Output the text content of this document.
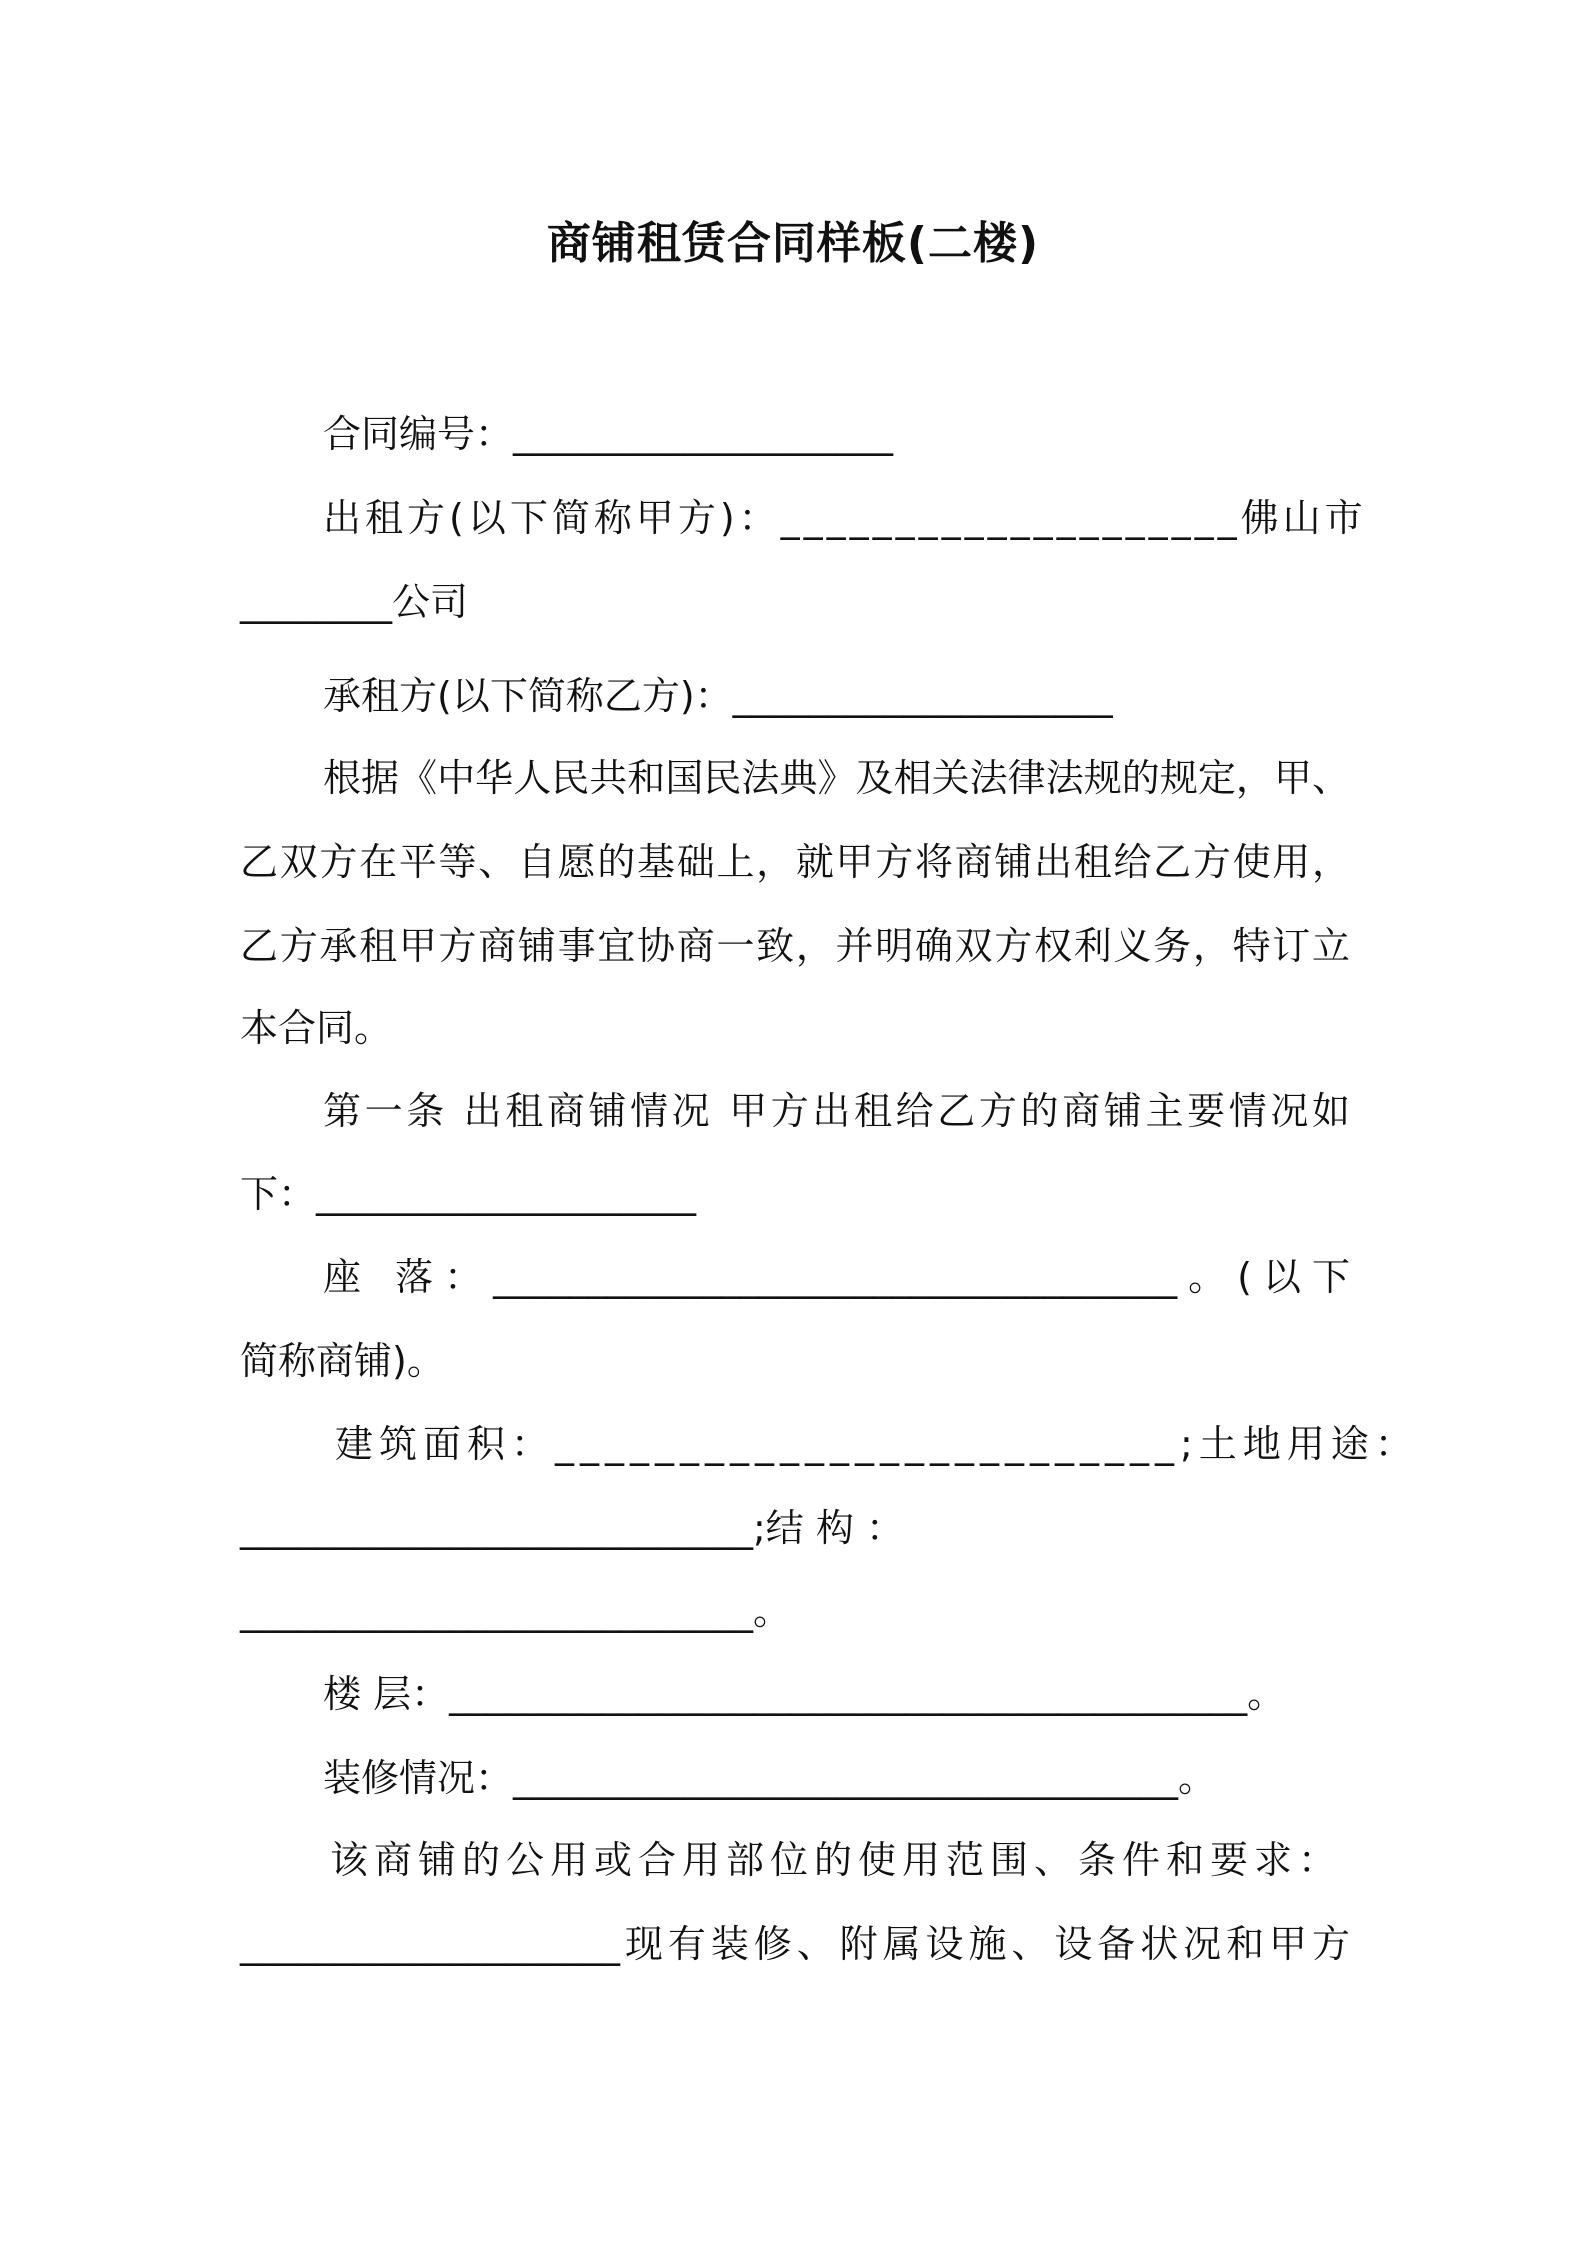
商铺租赁合同样板(二楼)

合同编号：____________________

出租方(以下简称甲方)：____________________佛山市

________公司

承租方(以下简称乙方)：____________________

根据《中华人民共和国民法典》及相关法律法规的规定，甲、

乙双方在平等、自愿的基础上，就甲方将商铺出租给乙方使用，

乙方承租甲方商铺事宜协商一致，并明确双方权利义务，特订立

本合同。

第一条 出租商铺情况 甲方出租给乙方的商铺主要情况如

下：____________________

座 落：____________________________________。(以下

简称商铺)。

建筑面积：_________________________;土地用途：

___________________________;结 构 ：

___________________________。

楼 层：__________________________________________。

装修情况：___________________________________。

该商铺的公用或合用部位的使用范围、条件和要求：

____________________现有装修、附属设施、设备状况和甲方
